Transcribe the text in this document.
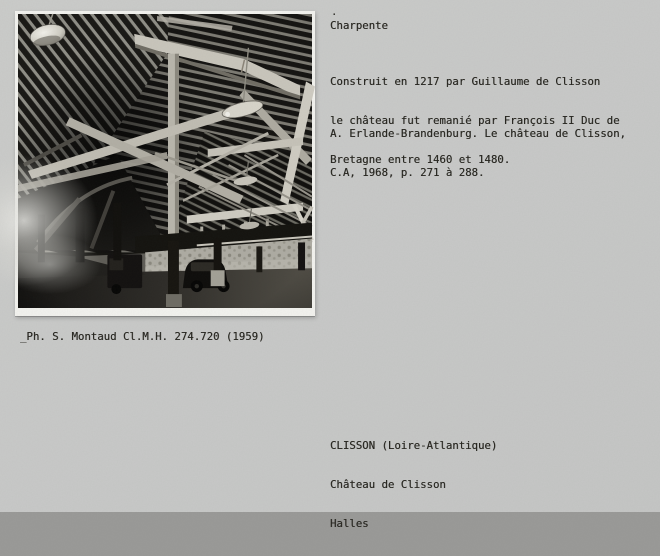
_Ph. S. Montaud Cl.M.H. 274.720 (1959)
.
Charpente

Construit en 1217 par Guillaume de Clisson

le château fut remanié par François II Duc de

Bretagne entre 1460 et 1480.

A. Erlande-Brandenburg. Le château de Clisson,

C.A, 1968, p. 271 à 288.

CLISSON (Loire-Atlantique)

Château de Clisson

Halles
